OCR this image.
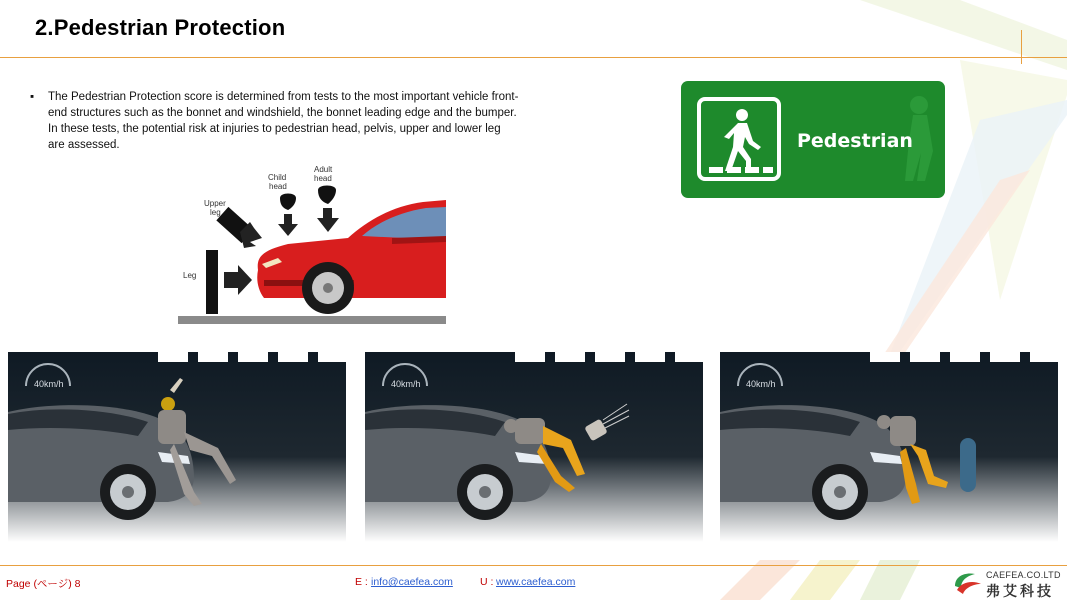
2.Pedestrian Protection
▪ The Pedestrian Protection score is determined from tests to the most important vehicle front-end structures such as the bonnet and windshield, the bonnet leading edge and the bumper. In these tests, the potential risk at injuries to pedestrian head, pelvis, upper and lower leg are assessed.
Leg
Upper
leg
Child
head
Adult
head
Pedestrian
40km/h	40km/h	40km/h
Page (ページ) 8	E : info@caefea.com	U : www.caefea.com
CAEFEA.CO.LTD
弗艾科技
